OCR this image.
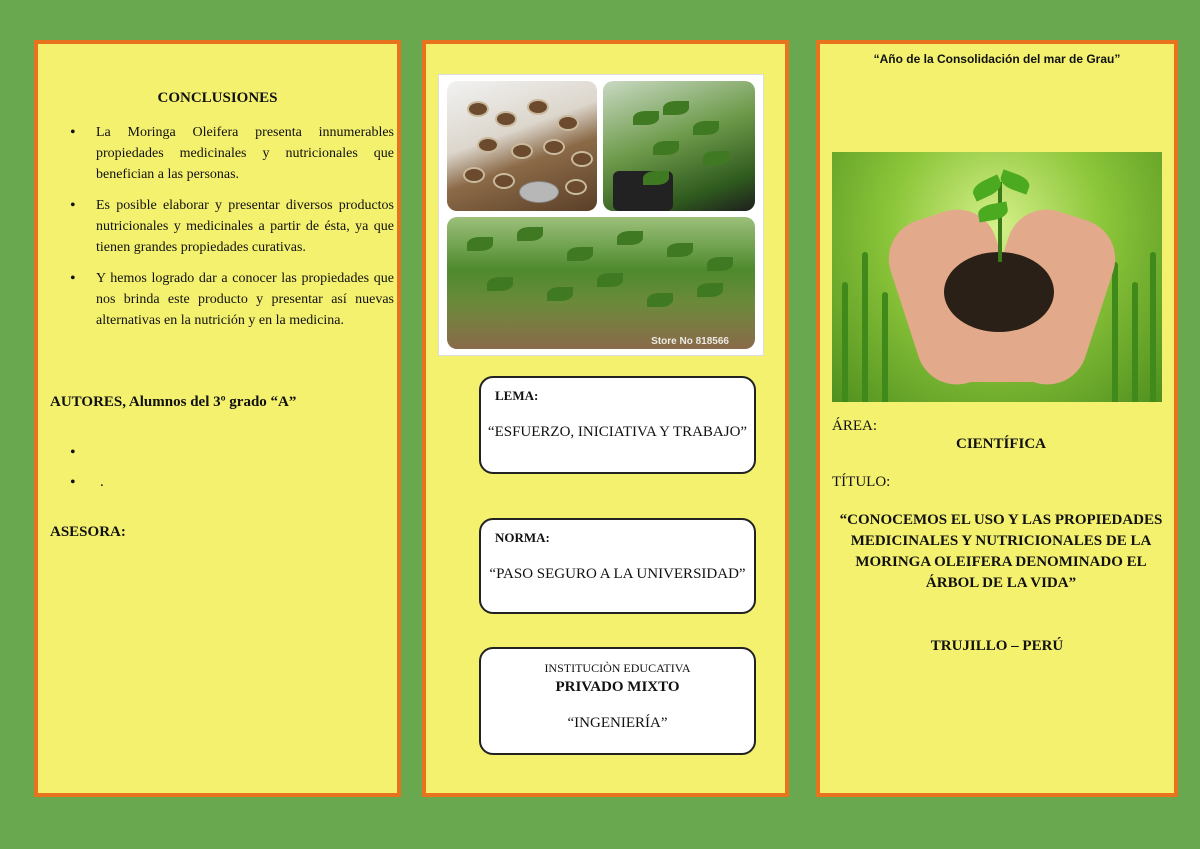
CONCLUSIONES
• La Moringa Oleifera presenta innumerables propiedades medicinales y nutricionales que benefician a las personas.
• Es posible elaborar y presentar diversos productos nutricionales y medicinales a partir de ésta, ya que tienen grandes propiedades curativas.
• Y hemos logrado dar a conocer las propiedades que nos brinda este producto y presentar así nuevas alternativas en la nutrición y en la medicina.
AUTORES, Alumnos del 3º grado “A”
•
• .
ASESORA:
Store No 818566
LEMA:
“ESFUERZO, INICIATIVA Y TRABAJO”
NORMA:
“PASO SEGURO A LA UNIVERSIDAD”
INSTITUCIÒN EDUCATIVA
PRIVADO MIXTO
“INGENIERÍA”
“Año de la Consolidación del mar de Grau”
ÁREA:
CIENTÍFICA
TÍTULO:
“CONOCEMOS EL USO Y LAS PROPIEDADES MEDICINALES Y NUTRICIONALES DE LA MORINGA OLEIFERA DENOMINADO EL ÁRBOL DE LA VIDA”
TRUJILLO – PERÚ
